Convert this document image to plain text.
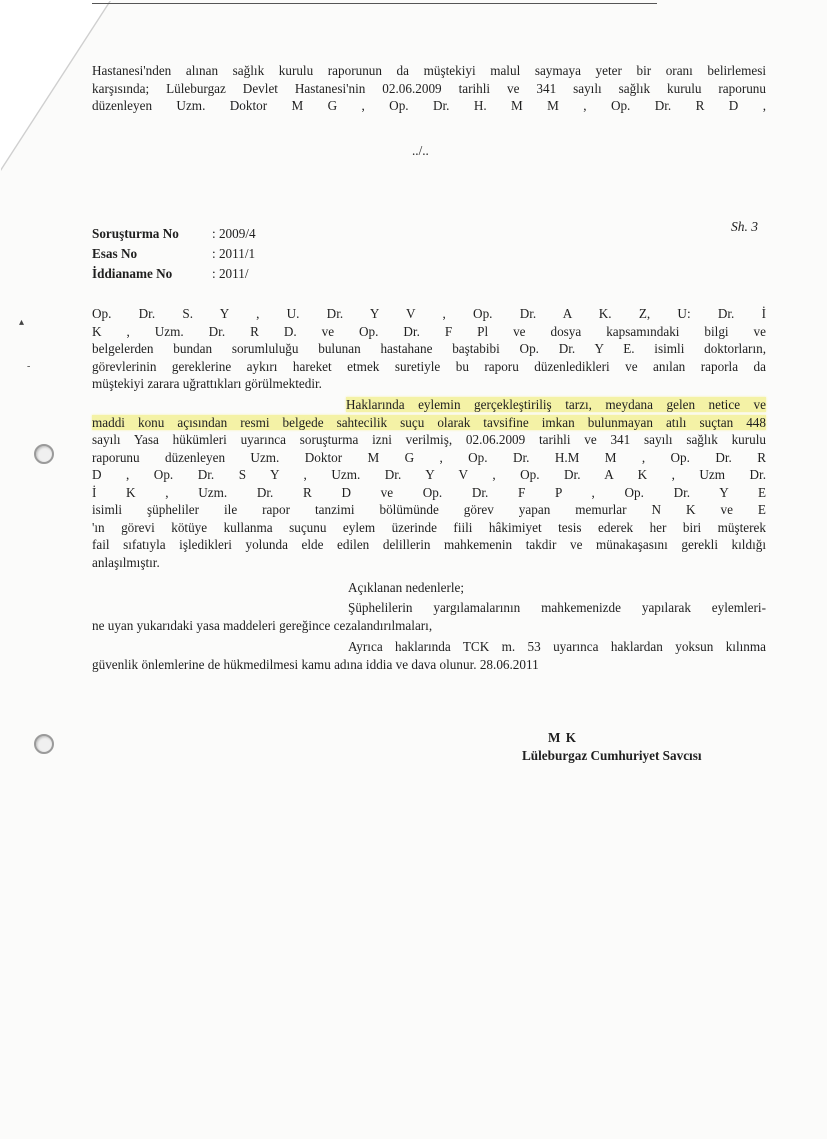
▴
-
Hastanesi'nden alınan sağlık kurulu raporunun da müştekiyi malul saymaya yeter bir oranı belirlemesi
karşısında; Lüleburgaz Devlet Hastanesi'nin 02.06.2009 tarihli ve 341 sayılı sağlık kurulu raporunu
düzenleyen Uzm. Doktor M G , Op. Dr. H. M M , Op. Dr. R D ,
../..
Sh. 3
Soruşturma No	: 2009/4
Esas No	: 2011/1
İddianame No	: 2011/
Op. Dr. S. Y , U. Dr. Y V , Op. Dr. A K. Z, U: Dr. İ
K , Uzm. Dr. R D. ve Op. Dr. F Pl ve dosya kapsamındaki bilgi ve
belgelerden bundan sorumluluğu bulunan hastahane baştabibi Op. Dr. Y E. isimli doktorların,
görevlerinin gereklerine aykırı hareket etmek suretiyle bu raporu düzenledikleri ve anılan raporla da
müştekiyi zarara uğrattıkları görülmektedir.
Haklarında eylemin gerçekleştiriliş tarzı, meydana gelen netice ve
maddi konu açısından resmi belgede sahtecilik suçu olarak tavsifine imkan bulunmayan atılı suçtan 448
sayılı Yasa hükümleri uyarınca soruşturma izni verilmiş, 02.06.2009 tarihli ve 341 sayılı sağlık kurulu
raporunu düzenleyen Uzm. Doktor M G , Op. Dr. H.M M , Op. Dr. R
D , Op. Dr. S Y , Uzm. Dr. Y V , Op. Dr. A K , Uzm Dr.
İ K , Uzm. Dr. R D ve Op. Dr. F P , Op. Dr. Y E
isimli şüpheliler ile rapor tanzimi bölümünde görev yapan memurlar N K ve E
'ın görevi kötüye kullanma suçunu eylem üzerinde fiili hâkimiyet tesis ederek her biri müşterek
fail sıfatıyla işledikleri yolunda elde edilen delillerin mahkemenin takdir ve münakaşasını gerekli kıldığı
anlaşılmıştır.
Açıklanan nedenlerle;
Şüphelilerin yargılamalarının mahkemenizde yapılarak eylemleri-
ne uyan yukarıdaki yasa maddeleri gereğince cezalandırılmaları,
Ayrıca haklarında TCK m. 53 uyarınca haklardan yoksun kılınma
güvenlik önlemlerine de hükmedilmesi kamu adına iddia ve dava olunur. 28.06.2011
M K
Lüleburgaz Cumhuriyet Savcısı
